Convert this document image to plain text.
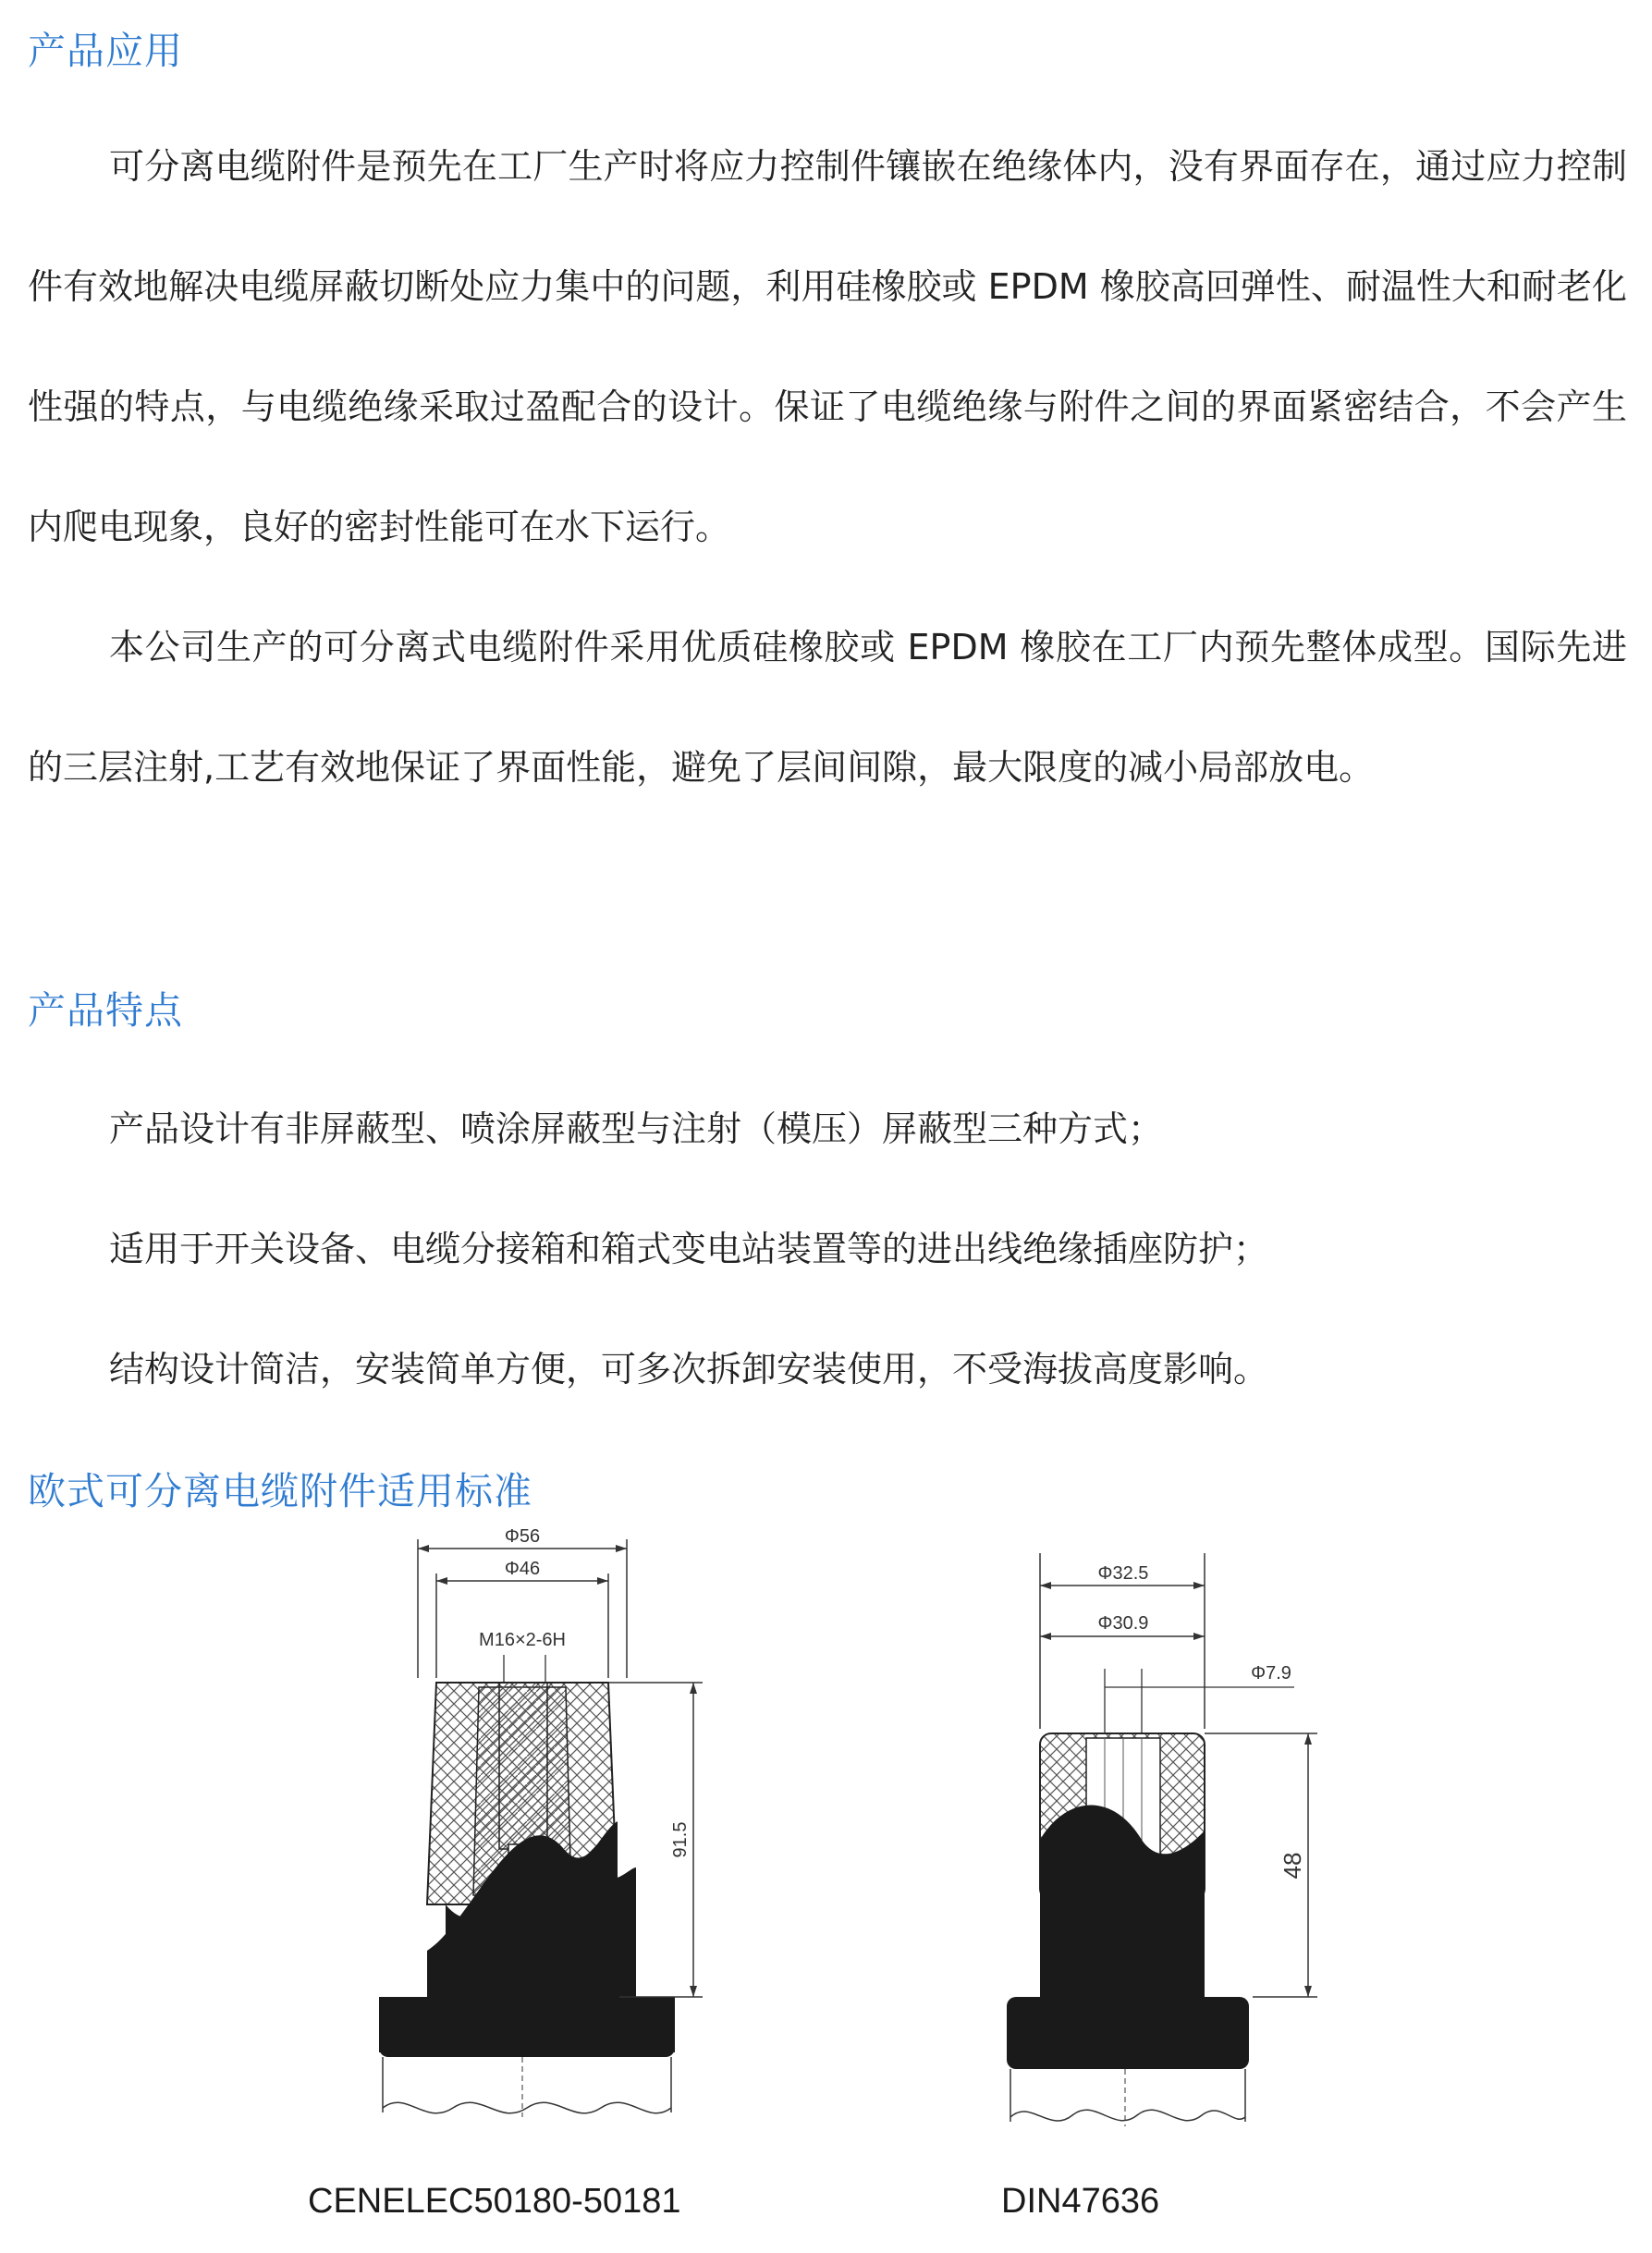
产品应用
可分离电缆附件是预先在工厂生产时将应力控制件镶嵌在绝缘体内，没有界面存在，通过应力控制件有效地解决电缆屏蔽切断处应力集中的问题，利用硅橡胶或 EPDM 橡胶高回弹性、耐温性大和耐老化性强的特点，与电缆绝缘采取过盈配合的设计。保证了电缆绝缘与附件之间的界面紧密结合，不会产生内爬电现象，良好的密封性能可在水下运行。
本公司生产的可分离式电缆附件采用优质硅橡胶或 EPDM 橡胶在工厂内预先整体成型。国际先进的三层注射,工艺有效地保证了界面性能，避免了层间间隙，最大限度的减小局部放电。
产品特点
产品设计有非屏蔽型、喷涂屏蔽型与注射（模压）屏蔽型三种方式；
适用于开关设备、电缆分接箱和箱式变电站装置等的进出线绝缘插座防护；
结构设计简洁，安装简单方便，可多次拆卸安装使用，不受海拔高度影响。
欧式可分离电缆附件适用标准
Φ56
Φ46
M16×2-6H
91.5
CENELEC50180-50181
Φ32.5
Φ30.9
Φ7.9
48
DIN47636
